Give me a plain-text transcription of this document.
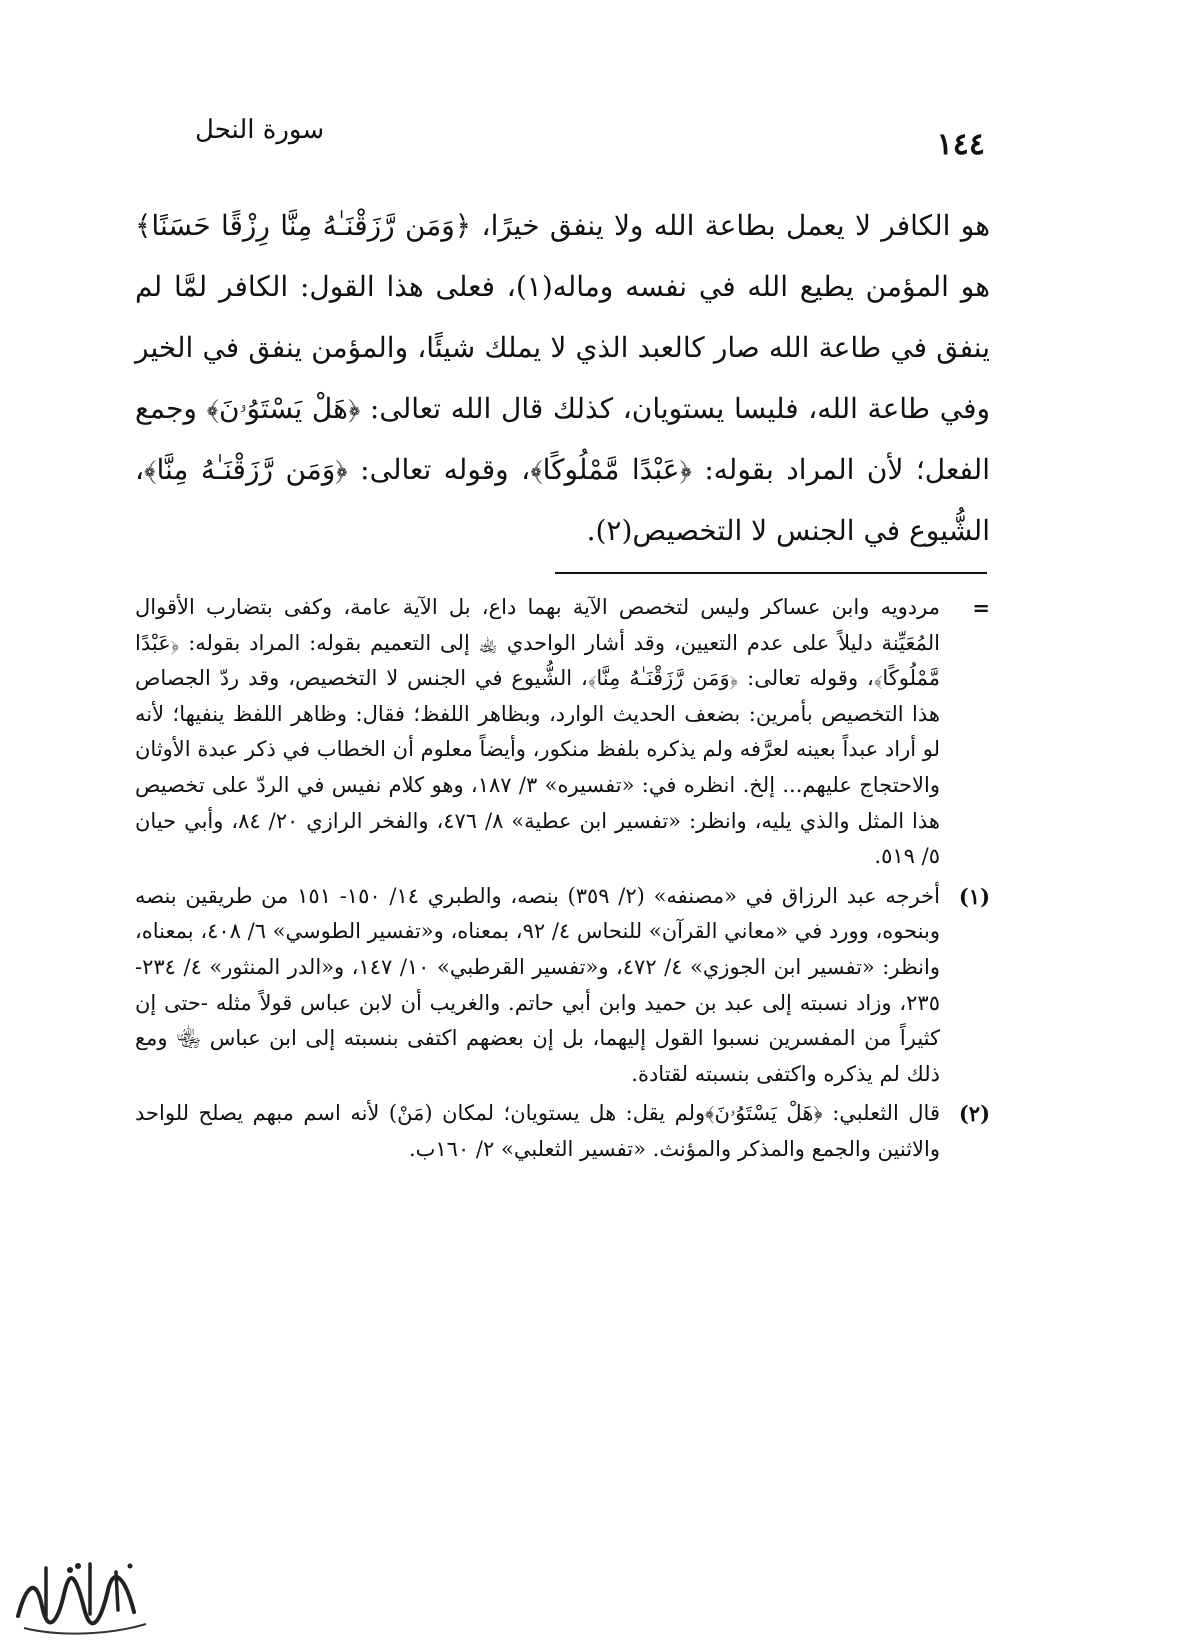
١٤٤
سورة النحل

هو الكافر لا يعمل بطاعة الله ولا ينفق خيرًا، ﴿وَمَن رَّزَقْنَـٰهُ مِنَّا رِزْقًا حَسَنًا﴾ هو المؤمن يطيع الله في نفسه وماله(١)، فعلى هذا القول: الكافر لمَّا لم ينفق في طاعة الله صار كالعبد الذي لا يملك شيئًا، والمؤمن ينفق في الخير وفي طاعة الله، فليسا يستويان، كذلك قال الله تعالى: ﴿هَلْ يَسْتَوُۥنَ﴾ وجمع الفعل؛ لأن المراد بقوله: ﴿عَبْدًا مَّمْلُوكًا﴾، وقوله تعالى: ﴿وَمَن رَّزَقْنَـٰهُ مِنَّا﴾، الشُّيوع في الجنس لا التخصيص(٢).

=
مردويه وابن عساكر وليس لتخصص الآية بهما داع، بل الآية عامة، وكفى بتضارب الأقوال المُعَيِّنة دليلاً على عدم التعيين، وقد أشار الواحدي ﵀ إلى التعميم بقوله: المراد بقوله: ﴿عَبْدًا مَّمْلُوكًا﴾، وقوله تعالى: ﴿وَمَن رَّزَقْنَـٰهُ مِنَّا﴾، الشُّيوع في الجنس لا التخصيص، وقد ردّ الجصاص هذا التخصيص بأمرين: بضعف الحديث الوارد، وبظاهر اللفظ؛ فقال: وظاهر اللفظ ينفيها؛ لأنه لو أراد عبداً بعينه لعرَّفه ولم يذكره بلفظ منكور، وأيضاً معلوم أن الخطاب في ذكر عبدة الأوثان والاحتجاج عليهم... إلخ. انظره في: «تفسيره» ٣/ ١٨٧، وهو كلام نفيس في الردّ على تخصيص هذا المثل والذي يليه، وانظر: «تفسير ابن عطية» ٨/ ٤٧٦، والفخر الرازي ٢٠/ ٨٤، وأبي حيان ٥/ ٥١٩.
(١)
أخرجه عبد الرزاق في «مصنفه» (٢/ ٣٥٩) بنصه، والطبري ١٤/ ١٥٠- ١٥١ من طريقين بنصه وبنحوه، وورد في «معاني القرآن» للنحاس ٤/ ٩٢، بمعناه، و«تفسير الطوسي» ٦/ ٤٠٨، بمعناه، وانظر: «تفسير ابن الجوزي» ٤/ ٤٧٢، و«تفسير القرطبي» ١٠/ ١٤٧، و«الدر المنثور» ٤/ ٢٣٤- ٢٣٥، وزاد نسبته إلى عبد بن حميد وابن أبي حاتم. والغريب أن لابن عباس قولاً مثله -حتى إن كثيراً من المفسرين نسبوا القول إليهما، بل إن بعضهم اكتفى بنسبته إلى ابن عباس ﵄ ومع ذلك لم يذكره واكتفى بنسبته لقتادة.
(٢)
قال الثعلبي: ﴿هَلْ يَسْتَوُۥنَ﴾ولم يقل: هل يستويان؛ لمكان (مَنْ) لأنه اسم مبهم يصلح للواحد والاثنين والجمع والمذكر والمؤنث. «تفسير الثعلبي» ٢/ ١٦٠ب.
